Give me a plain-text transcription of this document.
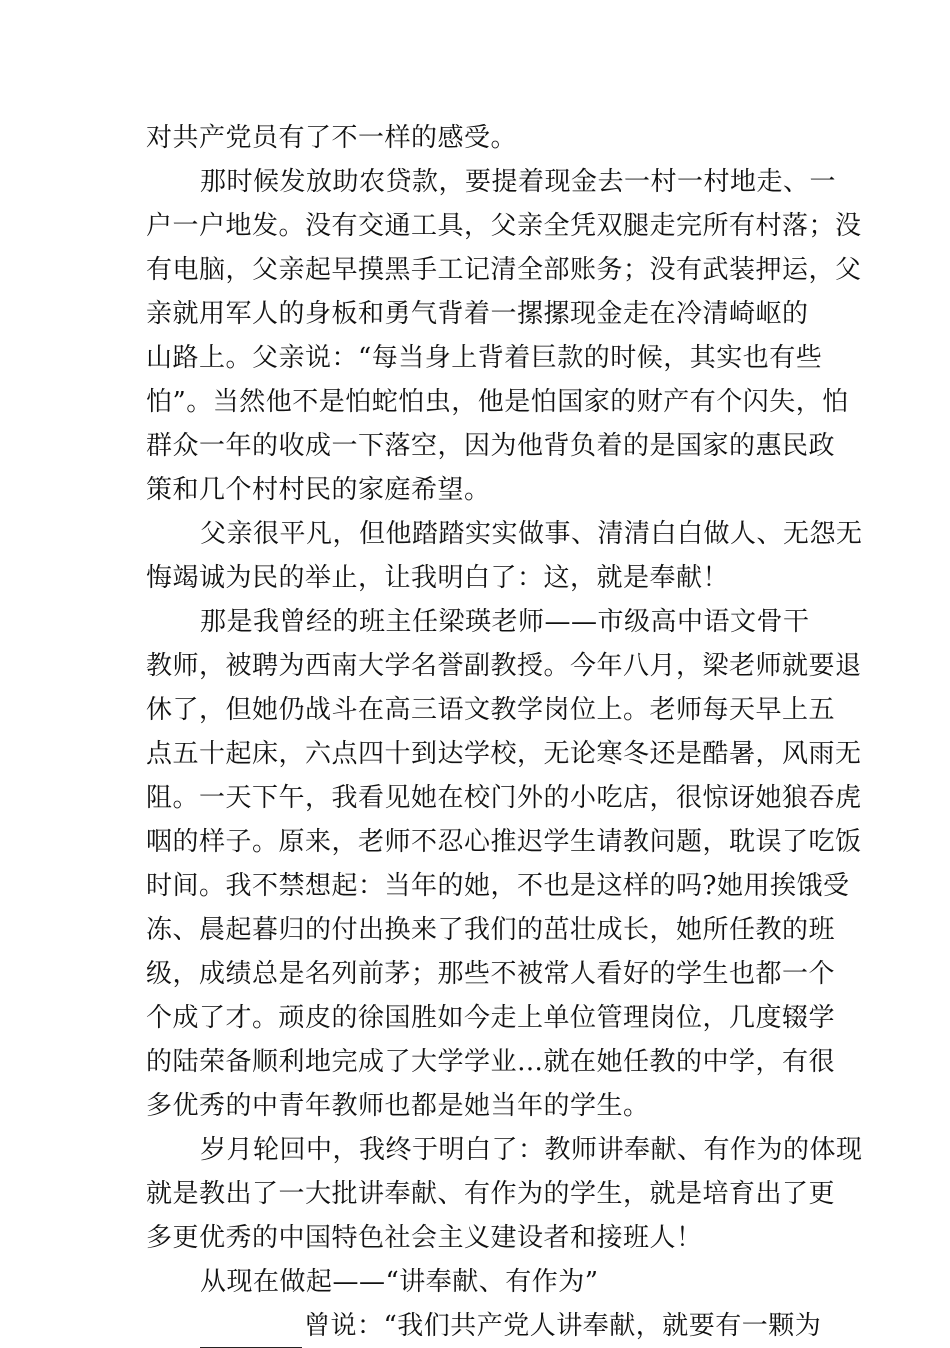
对共产党员有了不一样的感受。
那时候发放助农贷款，要提着现金去一村一村地走、一
户一户地发。没有交通工具，父亲全凭双腿走完所有村落；没
有电脑，父亲起早摸黑手工记清全部账务；没有武装押运，父
亲就用军人的身板和勇气背着一摞摞现金走在冷清崎岖的
山路上。父亲说：“每当身上背着巨款的时候，其实也有些
怕”。当然他不是怕蛇怕虫，他是怕国家的财产有个闪失，怕
群众一年的收成一下落空，因为他背负着的是国家的惠民政
策和几个村村民的家庭希望。
父亲很平凡，但他踏踏实实做事、清清白白做人、无怨无
悔竭诚为民的举止，让我明白了：这，就是奉献！
那是我曾经的班主任梁瑛老师——市级高中语文骨干
教师，被聘为西南大学名誉副教授。今年八月，梁老师就要退
休了，但她仍战斗在高三语文教学岗位上。老师每天早上五
点五十起床，六点四十到达学校，无论寒冬还是酷暑，风雨无
阻。一天下午，我看见她在校门外的小吃店，很惊讶她狼吞虎
咽的样子。原来，老师不忍心推迟学生请教问题，耽误了吃饭
时间。我不禁想起：当年的她，不也是这样的吗?她用挨饿受
冻、晨起暮归的付出换来了我们的茁壮成长，她所任教的班
级，成绩总是名列前茅；那些不被常人看好的学生也都一个
个成了才。顽皮的徐国胜如今走上单位管理岗位，几度辍学
的陆荣备顺利地完成了大学学业…就在她任教的中学，有很
多优秀的中青年教师也都是她当年的学生。
岁月轮回中，我终于明白了：教师讲奉献、有作为的体现
就是教出了一大批讲奉献、有作为的学生，就是培育出了更
多更优秀的中国特色社会主义建设者和接班人！
从现在做起——“讲奉献、有作为”
曾说：“我们共产党人讲奉献，就要有一颗为
